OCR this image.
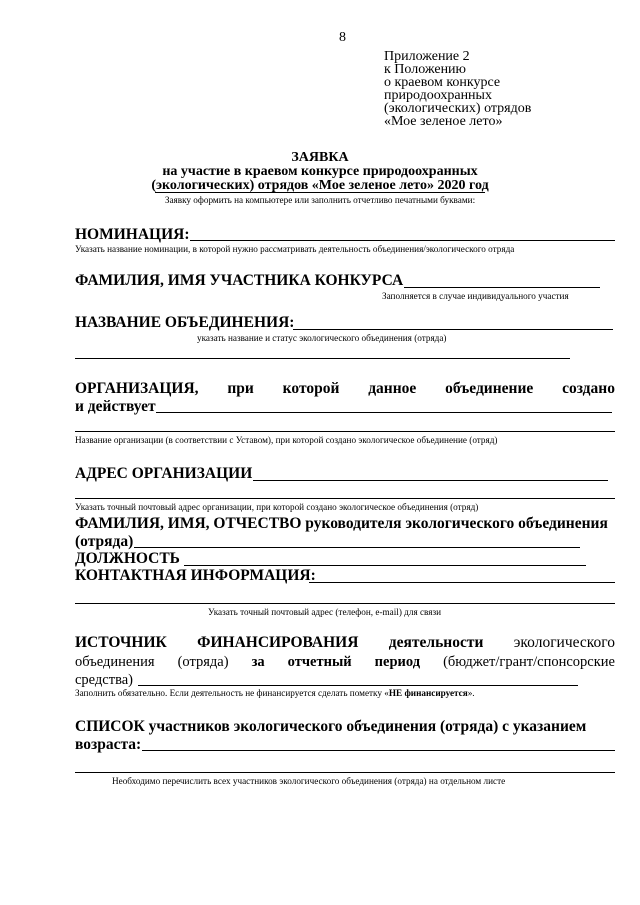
8
Приложение 2
к Положению
о краевом конкурсе
природоохранных
(экологических) отрядов
«Мое зеленое лето»
ЗАЯВКА
на участие в краевом конкурсе природоохранных
(экологических) отрядов «Мое зеленое лето» 2020 год
Заявку оформить на компьютере или заполнить отчетливо печатными буквами:
НОМИНАЦИЯ:
Указать название номинации, в которой нужно рассматривать деятельность объединения/экологического отряда
ФАМИЛИЯ, ИМЯ УЧАСТНИКА КОНКУРСА
Заполняется в случае индивидуального участия
НАЗВАНИЕ ОБЪЕДИНЕНИЯ:
указать название и статус экологического объединения (отряда)
ОРГАНИЗАЦИЯ, при которой данное объединение создано
и действует
Название организации (в соответствии с Уставом), при которой создано экологическое объединение (отряд)
АДРЕС ОРГАНИЗАЦИИ
Указать точный почтовый адрес организации, при которой создано экологическое объединения (отряд)
ФАМИЛИЯ, ИМЯ, ОТЧЕСТВО руководителя экологического объединения
(отряда)
ДОЛЖНОСТЬ
КОНТАКТНАЯ ИНФОРМАЦИЯ:
Указать точный почтовый адрес (телефон, e-mail) для связи
ИСТОЧНИК ФИНАНСИРОВАНИЯ деятельности экологического
объединения (отряда) за отчетный период (бюджет/грант/спонсорские
средства)
Заполнить обязательно. Если деятельность не финансируется сделать пометку «НЕ финансируется».
СПИСОК участников экологического объединения (отряда) с указанием
возраста:
Необходимо перечислить всех участников экологического объединения (отряда) на отдельном листе
